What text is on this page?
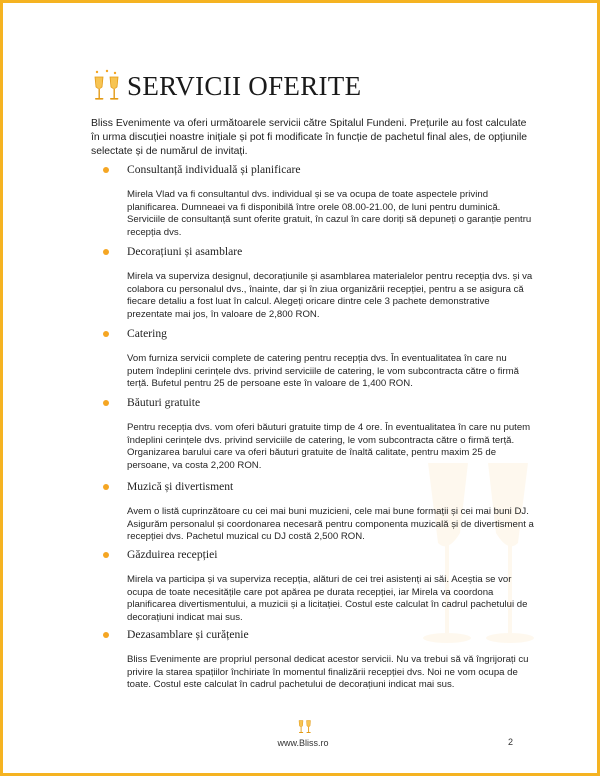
SERVICII OFERITE
Bliss Evenimente va oferi următoarele servicii către Spitalul Fundeni. Prețurile au fost calculate în urma discuției noastre inițiale și pot fi modificate în funcție de pachetul final ales, de opțiunile selectate și de numărul de invitați.
Consultanță individuală și planificare
Mirela Vlad va fi consultantul dvs. individual și se va ocupa de toate aspectele privind planificarea. Dumneaei va fi disponibilă între orele 08.00-21.00, de luni pentru duminică. Serviciile de consultanță sunt oferite gratuit, în cazul în care doriți să depuneți o garanție pentru recepția dvs.
Decorațiuni și asamblare
Mirela va superviza designul, decorațiunile și asamblarea materialelor pentru recepția dvs. și va colabora cu personalul dvs., înainte, dar și în ziua organizării recepției, pentru a se asigura că fiecare detaliu a fost luat în calcul. Alegeți oricare dintre cele 3 pachete demonstrative prezentate mai jos, în valoare de 2,800 RON.
Catering
Vom furniza servicii complete de catering pentru recepția dvs. În eventualitatea în care nu putem îndeplini cerințele dvs. privind serviciile de catering, le vom subcontracta către o firmă terță. Bufetul pentru 25 de persoane este în valoare de 1,400 RON.
Băuturi gratuite
Pentru recepția dvs. vom oferi băuturi gratuite timp de 4 ore. În eventualitatea în care nu putem îndeplini cerințele dvs. privind serviciile de catering, le vom subcontracta către o firmă terță. Organizarea barului care va oferi băuturi gratuite de înaltă calitate, pentru maxim 25 de persoane, va costa 2,200 RON.
Muzică și divertisment
Avem o listă cuprinzătoare cu cei mai buni muzicieni, cele mai bune formații și cei mai buni DJ. Asigurăm personalul și coordonarea necesară pentru componenta muzicală și de divertisment a recepției dvs. Pachetul muzical cu DJ costă 2,500 RON.
Găzduirea recepției
Mirela va participa și va superviza recepția, alături de cei trei asistenți ai săi. Aceștia se vor ocupa de toate necesitățile care pot apărea pe durata recepției, iar Mirela va coordona planificarea divertismentului, a muzicii și a licitației. Costul este calculat în cadrul pachetului de decorațiuni indicat mai sus.
Dezasamblare și curățenie
Bliss Evenimente are propriul personal dedicat acestor servicii. Nu va trebui să vă îngrijorați cu privire la starea spațiilor închiriate în momentul finalizării recepției dvs. Noi ne vom ocupa de toate. Costul este calculat în cadrul pachetului de decorațiuni indicat mai sus.
www.Bliss.ro	2
